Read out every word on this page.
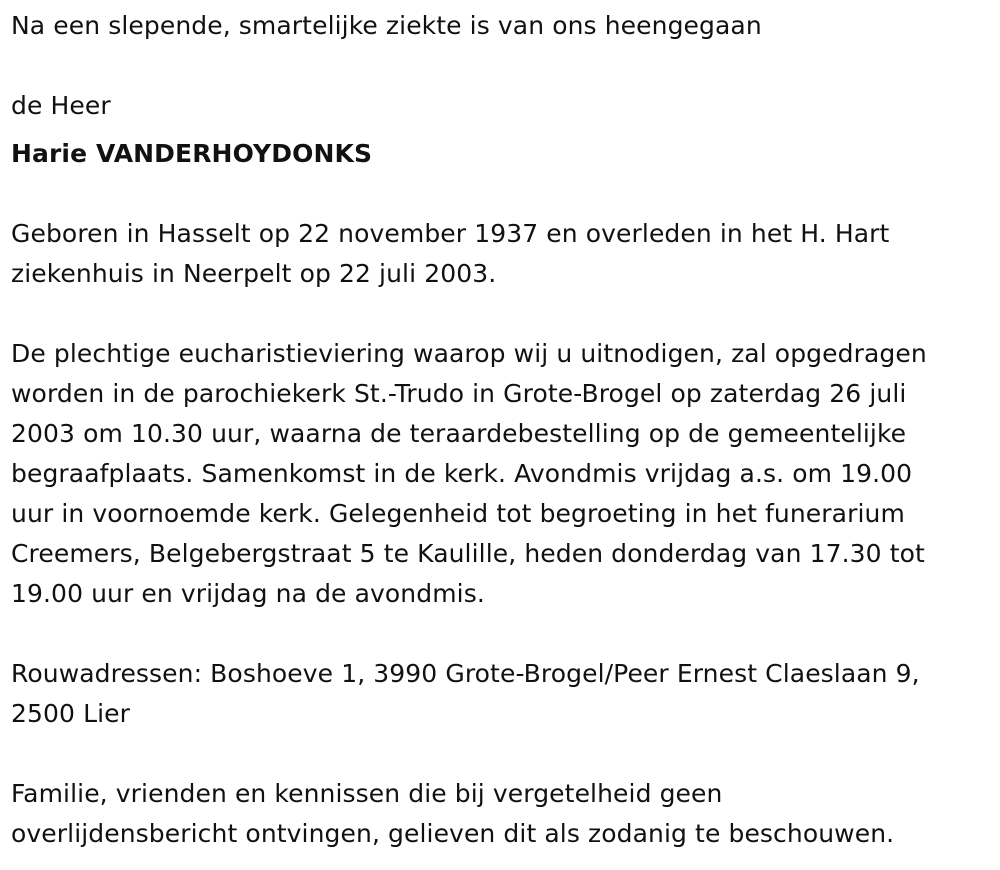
Na een slepende, smartelijke ziekte is van ons heengegaan
de Heer
Harie VANDERHOYDONKS
Geboren in Hasselt op 22 november 1937 en overleden in het H. Hart
ziekenhuis in Neerpelt op 22 juli 2003.
De plechtige eucharistieviering waarop wij u uitnodigen, zal opgedragen
worden in de parochiekerk St.-Trudo in Grote-Brogel op zaterdag 26 juli
2003 om 10.30 uur, waarna de teraardebestelling op de gemeentelijke
begraafplaats. Samenkomst in de kerk. Avondmis vrijdag a.s. om 19.00
uur in voornoemde kerk. Gelegenheid tot begroeting in het funerarium
Creemers, Belgebergstraat 5 te Kaulille, heden donderdag van 17.30 tot
19.00 uur en vrijdag na de avondmis.
Rouwadressen: Boshoeve 1, 3990 Grote-Brogel/Peer Ernest Claeslaan 9,
2500 Lier
Familie, vrienden en kennissen die bij vergetelheid geen
overlijdensbericht ontvingen, gelieven dit als zodanig te beschouwen.
